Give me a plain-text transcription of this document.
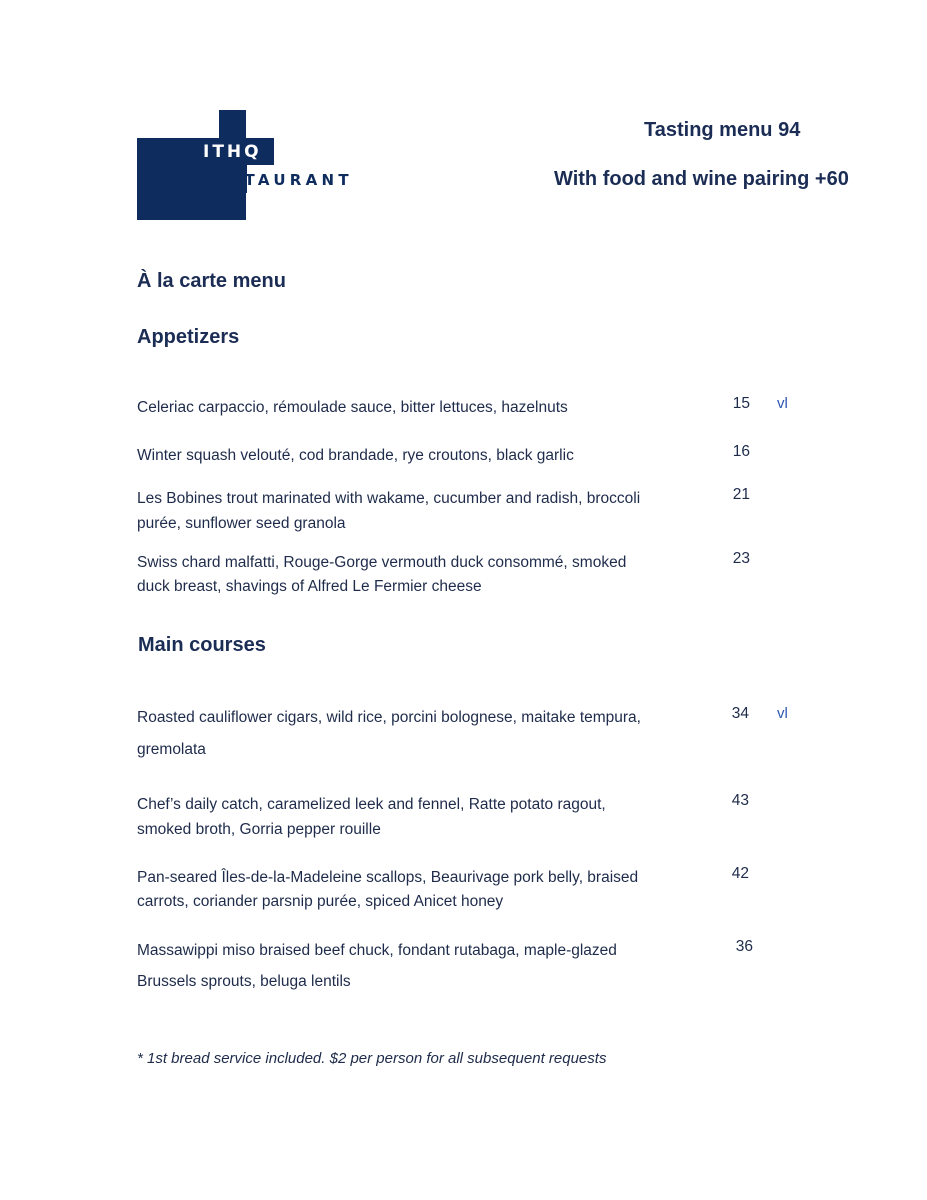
ITHQ
RESTAURANT
Tasting menu 94
With food and wine pairing +60
À la carte menu
Appetizers
Celeriac carpaccio, rémoulade sauce, bitter lettuces, hazelnuts	15 vl
Winter squash velouté, cod brandade, rye croutons, black garlic	16
Les Bobines trout marinated with wakame, cucumber and radish, broccoli
purée, sunflower seed granola
21
Swiss chard malfatti, Rouge-Gorge vermouth duck consommé, smoked
duck breast, shavings of Alfred Le Fermier cheese
23
Main courses
Roasted cauliflower cigars, wild rice, porcini bolognese, maitake tempura,
gremolata
34 vl
Chef’s daily catch, caramelized leek and fennel, Ratte potato ragout,
smoked broth, Gorria pepper rouille
43
Pan-seared Îles-de-la-Madeleine scallops, Beaurivage pork belly, braised
carrots, coriander parsnip purée, spiced Anicet honey
42
Massawippi miso braised beef chuck, fondant rutabaga, maple-glazed
Brussels sprouts, beluga lentils
36
* 1st bread service included. $2 per person for all subsequent requests
